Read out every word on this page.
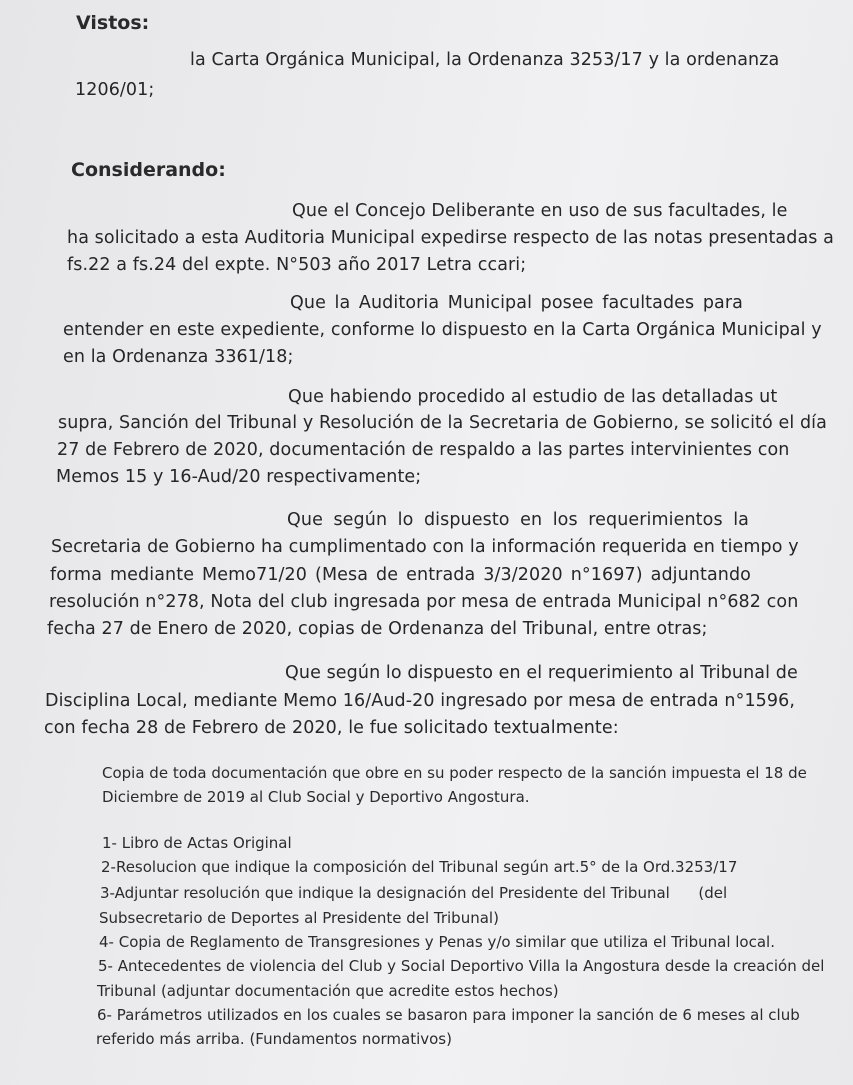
Vistos:
la Carta Orgánica Municipal, la Ordenanza 3253/17 y la ordenanza
1206/01;
Considerando:
Que el Concejo Deliberante en uso de sus facultades, le
ha solicitado a esta Auditoria Municipal expedirse respecto de las notas presentadas a
fs.22 a fs.24 del expte. N°503 año 2017 Letra ccari;
Que la Auditoria Municipal posee facultades para
entender en este expediente, conforme lo dispuesto en la Carta Orgánica Municipal y
en la Ordenanza 3361/18;
Que habiendo procedido al estudio de las detalladas ut
supra, Sanción del Tribunal y Resolución de la Secretaria de Gobierno, se solicitó el día
27 de Febrero de 2020, documentación de respaldo a las partes intervinientes con
Memos 15 y 16-Aud/20 respectivamente;
Que según lo dispuesto en los requerimientos la
Secretaria de Gobierno ha cumplimentado con la información requerida en tiempo y
forma mediante Memo71/20 (Mesa de entrada 3/3/2020 n°1697) adjuntando
resolución n°278, Nota del club ingresada por mesa de entrada Municipal n°682 con
fecha 27 de Enero de 2020, copias de Ordenanza del Tribunal, entre otras;
Que según lo dispuesto en el requerimiento al Tribunal de
Disciplina Local, mediante Memo 16/Aud-20 ingresado por mesa de entrada n°1596,
con fecha 28 de Febrero de 2020, le fue solicitado textualmente:
Copia de toda documentación que obre en su poder respecto de la sanción impuesta el 18 de
Diciembre de 2019 al Club Social y Deportivo Angostura.
1- Libro de Actas Original
2-Resolucion que indique la composición del Tribunal según art.5° de la Ord.3253/17
3-Adjuntar resolución que indique la designación del Presidente del Tribunal      (del
Subsecretario de Deportes al Presidente del Tribunal)
4- Copia de Reglamento de Transgresiones y Penas y/o similar que utiliza el Tribunal local.
5- Antecedentes de violencia del Club y Social Deportivo Villa la Angostura desde la creación del
Tribunal (adjuntar documentación que acredite estos hechos)
6- Parámetros utilizados en los cuales se basaron para imponer la sanción de 6 meses al club
referido más arriba. (Fundamentos normativos)
